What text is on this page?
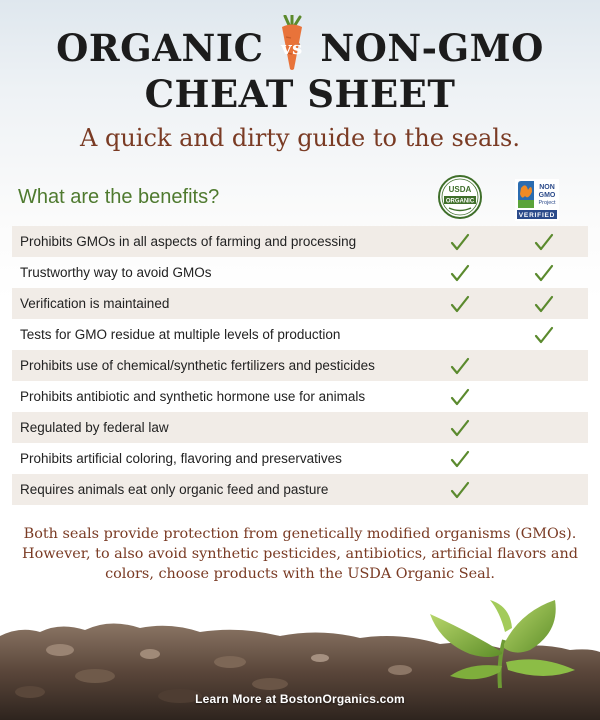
ORGANIC vs NON-GMO
CHEAT SHEET
A quick and dirty guide to the seals.
What are the benefits?	USDA
ORGANIC
NON
GMO
Project
VERIFIED
Prohibits GMOs in all aspects of farming and processing
Trustworthy way to avoid GMOs
Verification is maintained
Tests for GMO residue at multiple levels of production
Prohibits use of chemical/synthetic fertilizers and pesticides
Prohibits antibiotic and synthetic hormone use for animals
Regulated by federal law
Prohibits artificial coloring, flavoring and preservatives
Requires animals eat only organic feed and pasture
Both seals provide protection from genetically modified organisms (GMOs). However, to also avoid synthetic pesticides, antibiotics, artificial flavors and colors, choose products with the USDA Organic Seal.
Learn More at BostonOrganics.com
